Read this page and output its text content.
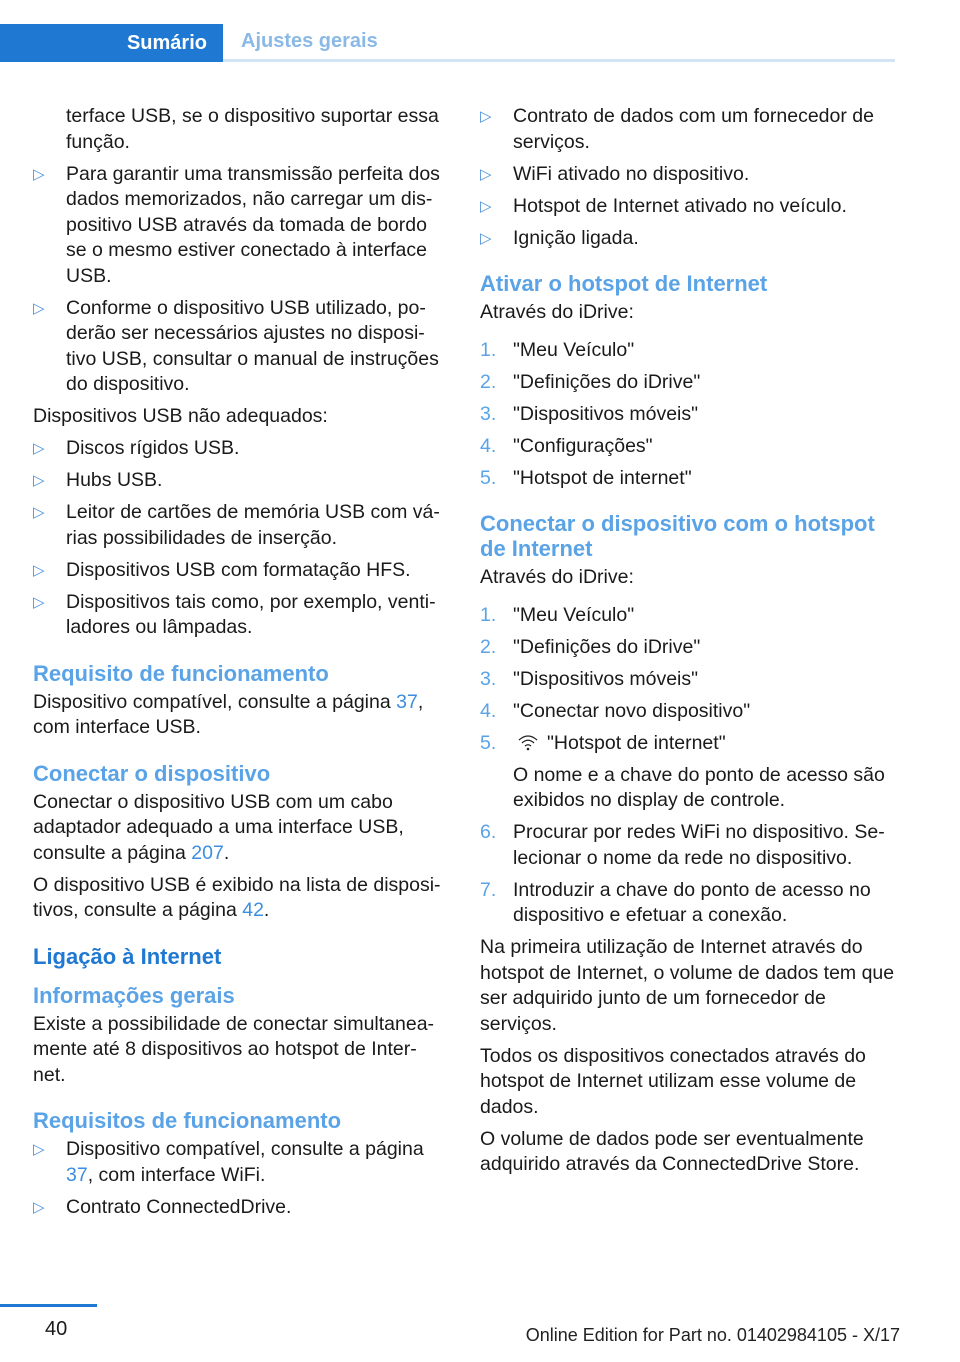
Sumário	Ajustes gerais
terface USB, se o dispositivo suportar essa função.
▷	Para garantir uma transmissão perfeita dos dados memorizados, não carregar um dis-positivo USB através da tomada de bordo se o mesmo estiver conectado à interface USB.
▷	Conforme o dispositivo USB utilizado, po-derão ser necessários ajustes no disposi-tivo USB, consultar o manual de instruções do dispositivo.
Dispositivos USB não adequados:
▷	Discos rígidos USB.
▷	Hubs USB.
▷	Leitor de cartões de memória USB com vá-rias possibilidades de inserção.
▷	Dispositivos USB com formatação HFS.
▷	Dispositivos tais como, por exemplo, venti-ladores ou lâmpadas.
Requisito de funcionamento
Dispositivo compatível, consulte a página 37, com interface USB.
Conectar o dispositivo
Conectar o dispositivo USB com um cabo adaptador adequado a uma interface USB, consulte a página 207.
O dispositivo USB é exibido na lista de disposi-tivos, consulte a página 42.
Ligação à Internet
Informações gerais
Existe a possibilidade de conectar simultanea-mente até 8 dispositivos ao hotspot de Inter-net.
Requisitos de funcionamento
▷	Dispositivo compatível, consulte a página 37, com interface WiFi.
▷	Contrato ConnectedDrive.
▷	Contrato de dados com um fornecedor de serviços.
▷	WiFi ativado no dispositivo.
▷	Hotspot de Internet ativado no veículo.
▷	Ignição ligada.
Ativar o hotspot de Internet
Através do iDrive:
1. "Meu Veículo"
2. "Definições do iDrive"
3. "Dispositivos móveis"
4. "Configurações"
5. "Hotspot de internet"
Conectar o dispositivo com o hotspot de Internet
Através do iDrive:
1. "Meu Veículo"
2. "Definições do iDrive"
3. "Dispositivos móveis"
4. "Conectar novo dispositivo"
5.	"Hotspot de internet"
O nome e a chave do ponto de acesso são exibidos no display de controle.
6. Procurar por redes WiFi no dispositivo. Se-lecionar o nome da rede no dispositivo.
7. Introduzir a chave do ponto de acesso no dispositivo e efetuar a conexão.
Na primeira utilização de Internet através do hotspot de Internet, o volume de dados tem que ser adquirido junto de um fornecedor de serviços.
Todos os dispositivos conectados através do hotspot de Internet utilizam esse volume de dados.
O volume de dados pode ser eventualmente adquirido através da ConnectedDrive Store.
40	Online Edition for Part no. 01402984105 - X/17
